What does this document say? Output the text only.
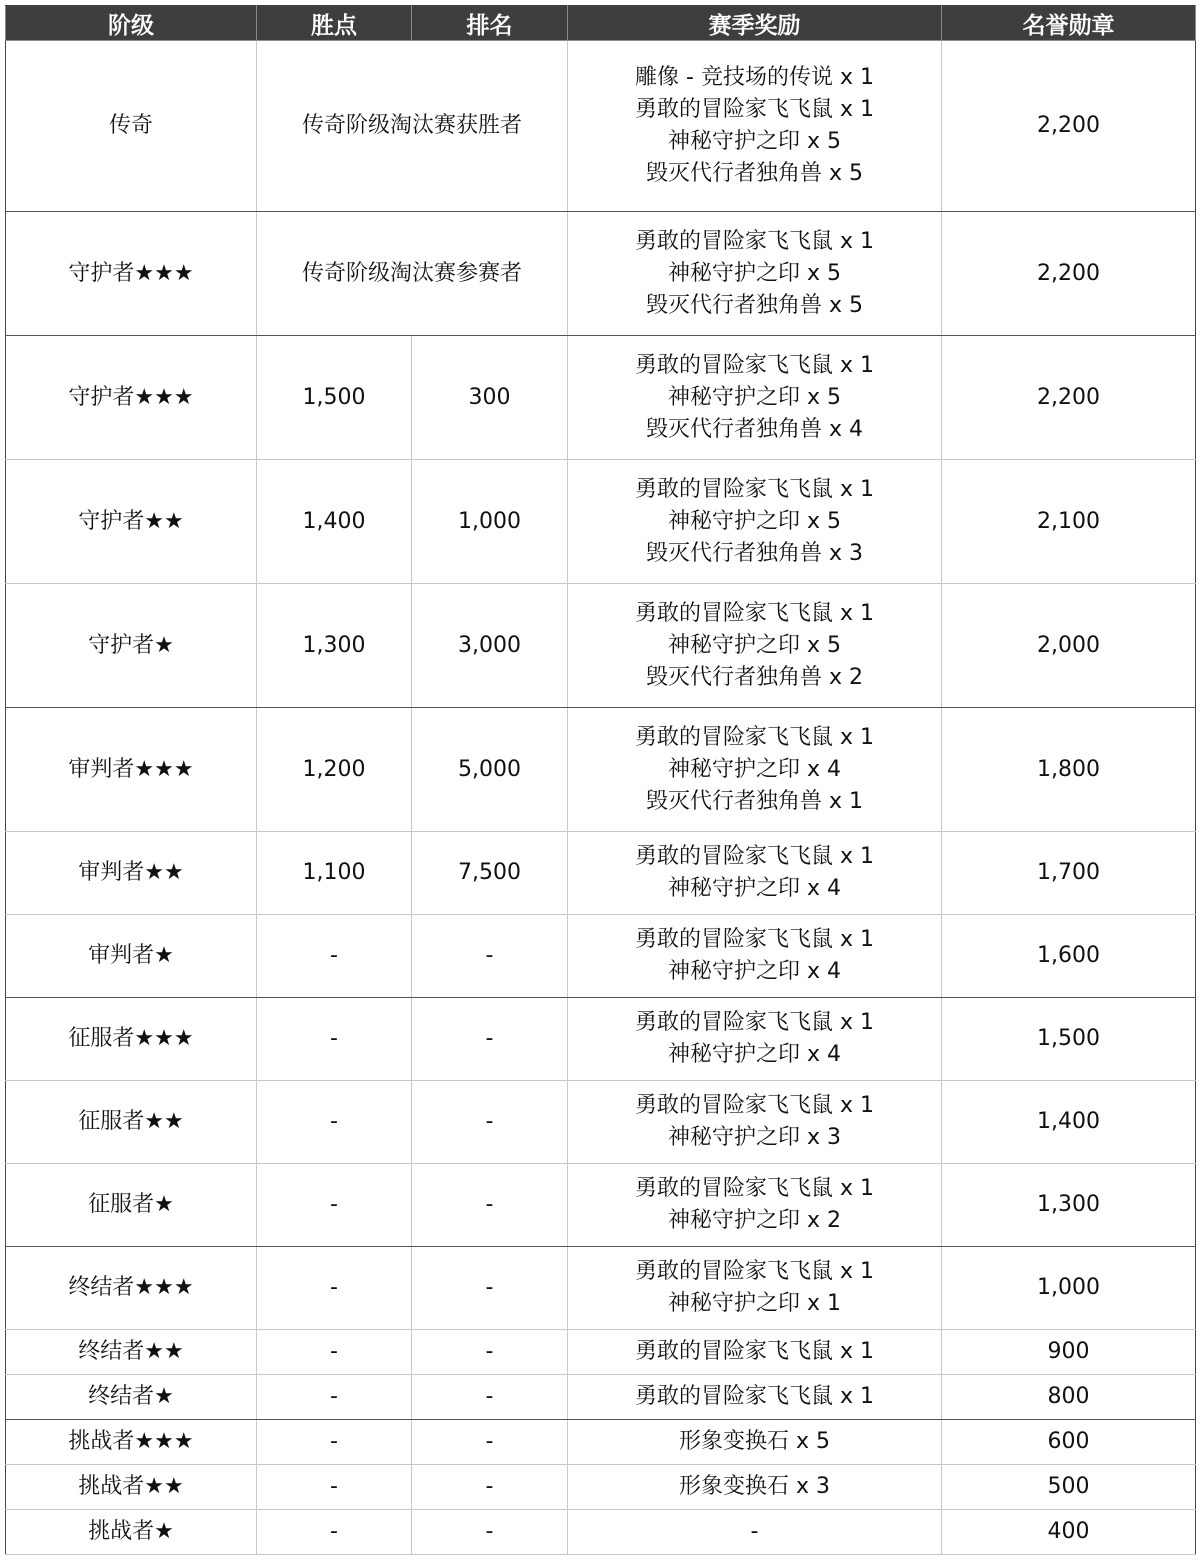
阶级	胜点	排名	赛季奖励	名誉勋章
传奇	传奇阶级淘汰赛获胜者		雕像 - 竞技场的传说 x 1
勇敢的冒险家飞飞鼠 x 1
神秘守护之印 x 5
毁灭代行者独角兽 x 5	2,200
守护者★★★	传奇阶级淘汰赛参赛者		勇敢的冒险家飞飞鼠 x 1
神秘守护之印 x 5
毁灭代行者独角兽 x 5	2,200
守护者★★★	1,500	300	勇敢的冒险家飞飞鼠 x 1
神秘守护之印 x 5
毁灭代行者独角兽 x 4	2,200
守护者★★	1,400	1,000	勇敢的冒险家飞飞鼠 x 1
神秘守护之印 x 5
毁灭代行者独角兽 x 3	2,100
守护者★	1,300	3,000	勇敢的冒险家飞飞鼠 x 1
神秘守护之印 x 5
毁灭代行者独角兽 x 2	2,000
审判者★★★	1,200	5,000	勇敢的冒险家飞飞鼠 x 1
神秘守护之印 x 4
毁灭代行者独角兽 x 1	1,800
审判者★★	1,100	7,500	勇敢的冒险家飞飞鼠 x 1
神秘守护之印 x 4	1,700
审判者★	-	-	勇敢的冒险家飞飞鼠 x 1
神秘守护之印 x 4	1,600
征服者★★★	-	-	勇敢的冒险家飞飞鼠 x 1
神秘守护之印 x 4	1,500
征服者★★	-	-	勇敢的冒险家飞飞鼠 x 1
神秘守护之印 x 3	1,400
征服者★	-	-	勇敢的冒险家飞飞鼠 x 1
神秘守护之印 x 2	1,300
终结者★★★	-	-	勇敢的冒险家飞飞鼠 x 1
神秘守护之印 x 1	1,000
终结者★★	-	-	勇敢的冒险家飞飞鼠 x 1	900
终结者★	-	-	勇敢的冒险家飞飞鼠 x 1	800
挑战者★★★	-	-	形象变换石 x 5	600
挑战者★★	-	-	形象变换石 x 3	500
挑战者★	-	-	-	400
